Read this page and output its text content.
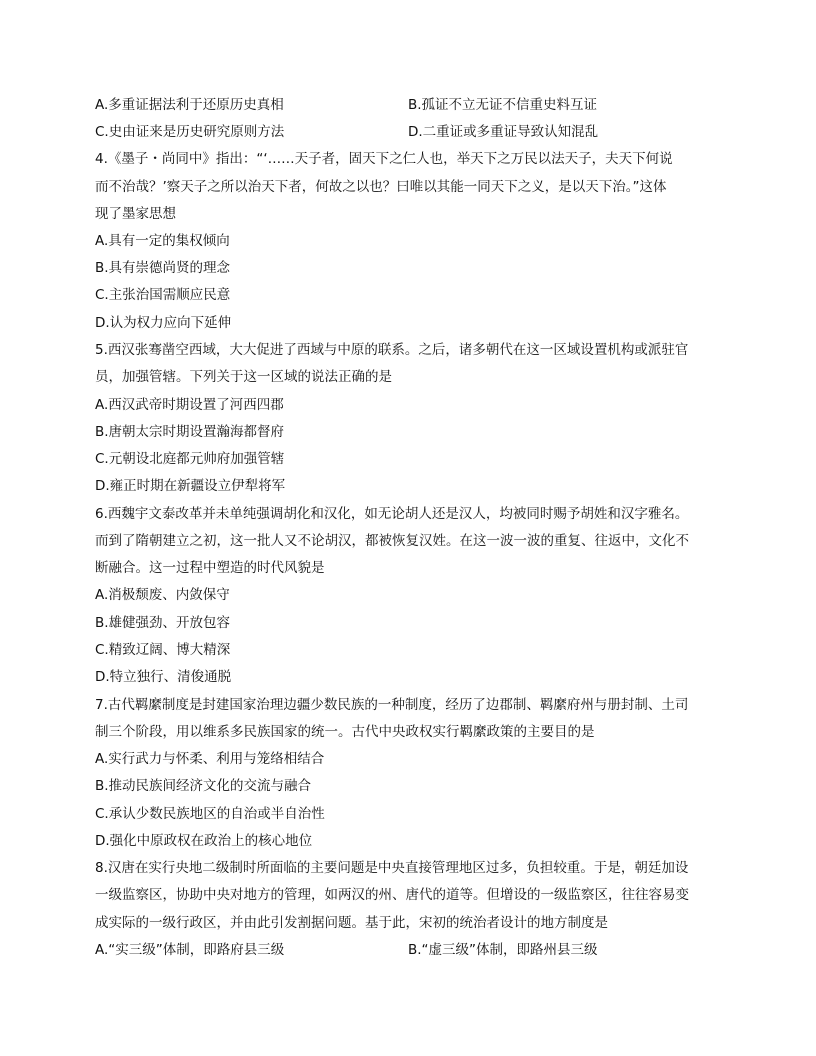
A.多重证据法利于还原历史真相	B.孤证不立无证不信重史料互证
C.史由证来是历史研究原则方法	D.二重证或多重证导致认知混乱
4.《墨子・尚同中》指出：“‘……天子者，固天下之仁人也，举天下之万民以法天子，夫天下何说
而不治哉？’察天子之所以治天下者，何故之以也？曰唯以其能一同天下之义，是以天下治。”这体
现了墨家思想
A.具有一定的集权倾向
B.具有崇德尚贤的理念
C.主张治国需顺应民意
D.认为权力应向下延伸
5.西汉张骞凿空西域，大大促进了西域与中原的联系。之后，诸多朝代在这一区域设置机构或派驻官
员，加强管辖。下列关于这一区域的说法正确的是
A.西汉武帝时期设置了河西四郡
B.唐朝太宗时期设置瀚海都督府
C.元朝设北庭都元帅府加强管辖
D.雍正时期在新疆设立伊犁将军
6.西魏宇文泰改革并未单纯强调胡化和汉化，如无论胡人还是汉人，均被同时赐予胡姓和汉字雅名。
而到了隋朝建立之初，这一批人又不论胡汉，都被恢复汉姓。在这一波一波的重复、往返中，文化不
断融合。这一过程中塑造的时代风貌是
A.消极颓废、内敛保守
B.雄健强劲、开放包容
C.精致辽阔、博大精深
D.特立独行、清俊通脱
7.古代羁縻制度是封建国家治理边疆少数民族的一种制度，经历了边郡制、羁縻府州与册封制、土司
制三个阶段，用以维系多民族国家的统一。古代中央政权实行羁縻政策的主要目的是
A.实行武力与怀柔、利用与笼络相结合
B.推动民族间经济文化的交流与融合
C.承认少数民族地区的自治或半自治性
D.强化中原政权在政治上的核心地位
8.汉唐在实行央地二级制时所面临的主要问题是中央直接管理地区过多，负担较重。于是，朝廷加设
一级监察区，协助中央对地方的管理，如两汉的州、唐代的道等。但增设的一级监察区，往往容易变
成实际的一级行政区，并由此引发割据问题。基于此，宋初的统治者设计的地方制度是
A.“实三级”体制，即路府县三级	B.“虚三级”体制，即路州县三级
